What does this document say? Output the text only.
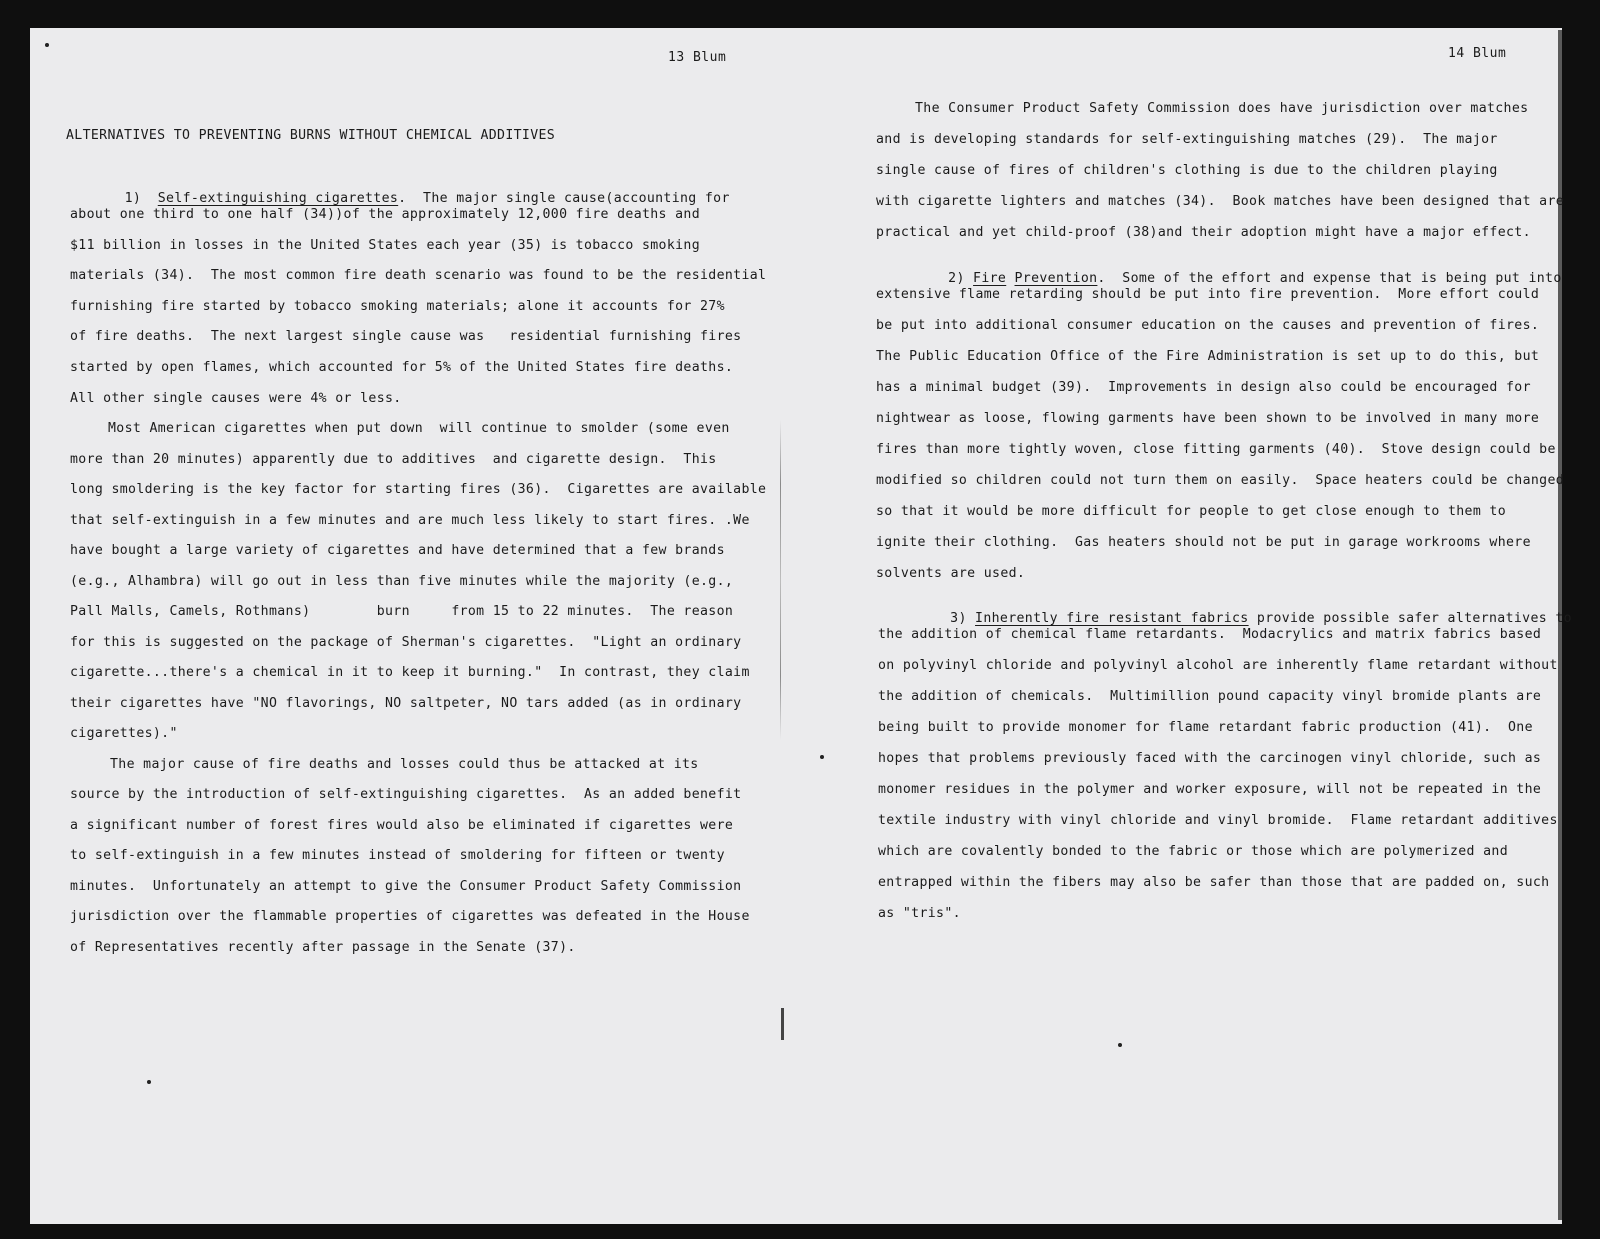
13 Blum
ALTERNATIVES TO PREVENTING BURNS WITHOUT CHEMICAL ADDITIVES

1)  Self-extinguishing cigarettes.  The major single cause(accounting for

about one third to one half (34))of the approximately 12,000 fire deaths and
$11 billion in losses in the United States each year (35) is tobacco smoking
materials (34).  The most common fire death scenario was found to be the residential
furnishing fire started by tobacco smoking materials; alone it accounts for 27%
of fire deaths.  The next largest single cause was   residential furnishing fires
started by open flames, which accounted for 5% of the United States fire deaths.
All other single causes were 4% or less.
Most American cigarettes when put down  will continue to smolder (some even
more than 20 minutes) apparently due to additives  and cigarette design.  This
long smoldering is the key factor for starting fires (36).  Cigarettes are available
that self-extinguish in a few minutes and are much less likely to start fires. .We
have bought a large variety of cigarettes and have determined that a few brands
(e.g., Alhambra) will go out in less than five minutes while the majority (e.g.,
Pall Malls, Camels, Rothmans)        burn     from 15 to 22 minutes.  The reason
for this is suggested on the package of Sherman's cigarettes.  "Light an ordinary
cigarette...there's a chemical in it to keep it burning."  In contrast, they claim
their cigarettes have "NO flavorings, NO saltpeter, NO tars added (as in ordinary
cigarettes)."
The major cause of fire deaths and losses could thus be attacked at its
source by the introduction of self-extinguishing cigarettes.  As an added benefit
a significant number of forest fires would also be eliminated if cigarettes were
to self-extinguish in a few minutes instead of smoldering for fifteen or twenty
minutes.  Unfortunately an attempt to give the Consumer Product Safety Commission
jurisdiction over the flammable properties of cigarettes was defeated in the House
of Representatives recently after passage in the Senate (37).
14 Blum
The Consumer Product Safety Commission does have jurisdiction over matches
and is developing standards for self-extinguishing matches (29).  The major
single cause of fires of children's clothing is due to the children playing
with cigarette lighters and matches (34).  Book matches have been designed that are
practical and yet child-proof (38)and their adoption might have a major effect.

2) Fire Prevention.  Some of the effort and expense that is being put into

extensive flame retarding should be put into fire prevention.  More effort could
be put into additional consumer education on the causes and prevention of fires.
The Public Education Office of the Fire Administration is set up to do this, but
has a minimal budget (39).  Improvements in design also could be encouraged for
nightwear as loose, flowing garments have been shown to be involved in many more
fires than more tightly woven, close fitting garments (40).  Stove design could be
modified so children could not turn them on easily.  Space heaters could be changed
so that it would be more difficult for people to get close enough to them to
ignite their clothing.  Gas heaters should not be put in garage workrooms where
solvents are used.

3) Inherently fire resistant fabrics provide possible safer alternatives to

the addition of chemical flame retardants.  Modacrylics and matrix fabrics based
on polyvinyl chloride and polyvinyl alcohol are inherently flame retardant without
the addition of chemicals.  Multimillion pound capacity vinyl bromide plants are
being built to provide monomer for flame retardant fabric production (41).  One
hopes that problems previously faced with the carcinogen vinyl chloride, such as
monomer residues in the polymer and worker exposure, will not be repeated in the
textile industry with vinyl chloride and vinyl bromide.  Flame retardant additives
which are covalently bonded to the fabric or those which are polymerized and
entrapped within the fibers may also be safer than those that are padded on, such
as "tris".
